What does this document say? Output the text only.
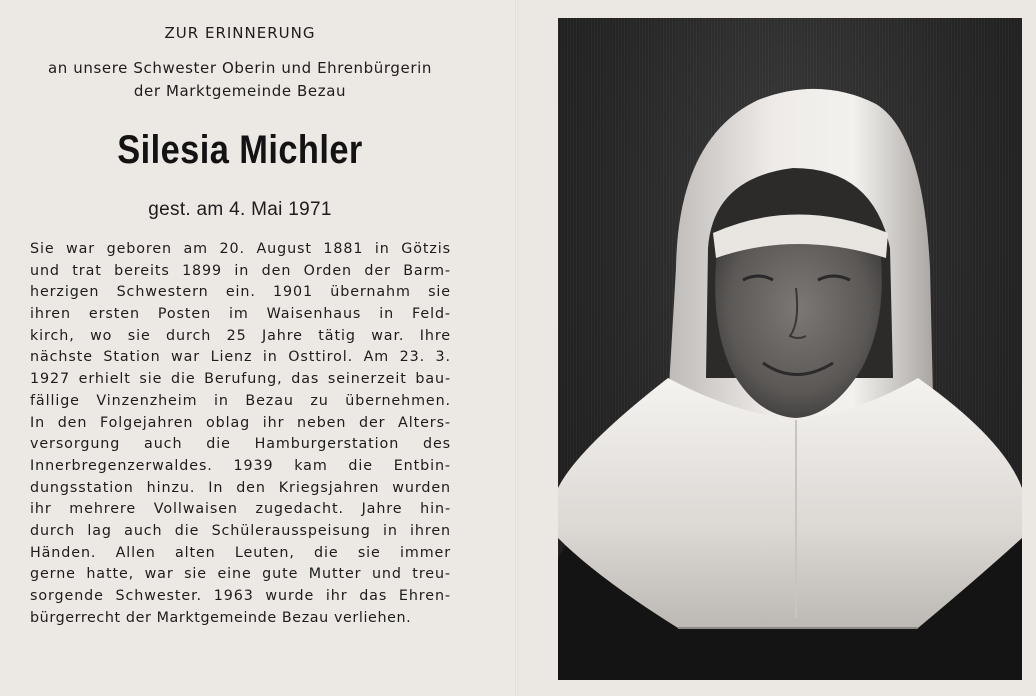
ZUR ERINNERUNG
an unsere Schwester Oberin und Ehrenbürgerin
der Marktgemeinde Bezau
Silesia Michler
gest. am 4. Mai 1971
Sie war geboren am 20. August 1881 in Götzis
und trat bereits 1899 in den Orden der Barm-
herzigen Schwestern ein. 1901 übernahm sie
ihren ersten Posten im Waisenhaus in Feld-
kirch, wo sie durch 25 Jahre tätig war. Ihre
nächste Station war Lienz in Osttirol. Am 23. 3.
1927 erhielt sie die Berufung, das seinerzeit bau-
fällige Vinzenzheim in Bezau zu übernehmen.
In den Folgejahren oblag ihr neben der Alters-
versorgung auch die Hamburgerstation des
Innerbregenzerwaldes. 1939 kam die Entbin-
dungsstation hinzu. In den Kriegsjahren wurden
ihr mehrere Vollwaisen zugedacht. Jahre hin-
durch lag auch die Schülerausspeisung in ihren
Händen. Allen alten Leuten, die sie immer
gerne hatte, war sie eine gute Mutter und treu-
sorgende Schwester. 1963 wurde ihr das Ehren-
bürgerrecht der Marktgemeinde Bezau verliehen.
